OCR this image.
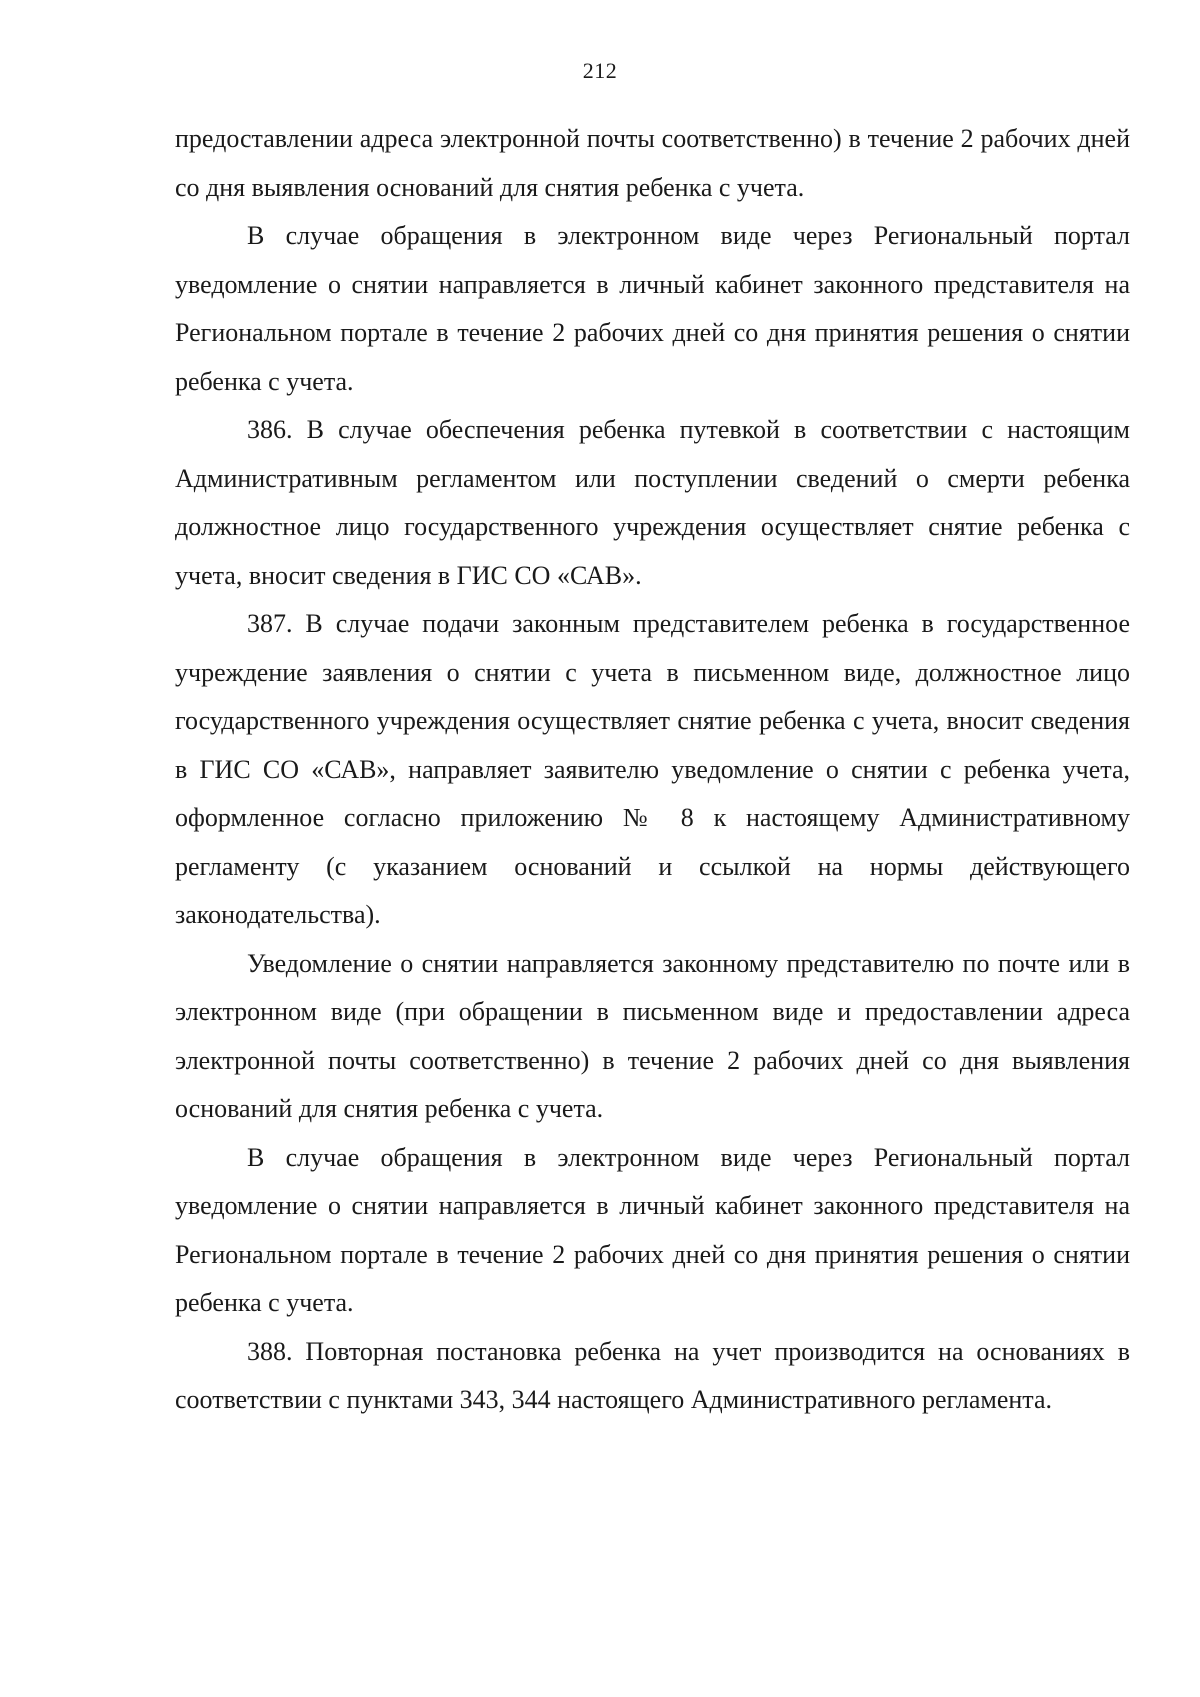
212

предоставлении адреса электронной почты соответственно) в течение 2 рабочих дней со дня выявления оснований для снятия ребенка с учета.

В случае обращения в электронном виде через Региональный портал уведомление о снятии направляется в личный кабинет законного представителя на Региональном портале в течение 2 рабочих дней со дня принятия решения о снятии ребенка с учета.

386. В случае обеспечения ребенка путевкой в соответствии с настоящим Административным регламентом или поступлении сведений о смерти ребенка должностное лицо государственного учреждения осуществляет снятие ребенка с учета, вносит сведения в ГИС СО «САВ».

387. В случае подачи законным представителем ребенка в государственное учреждение заявления о снятии с учета в письменном виде, должностное лицо государственного учреждения осуществляет снятие ребенка с учета, вносит сведения в ГИС СО «САВ», направляет заявителю уведомление о снятии с ребенка учета, оформленное согласно приложению № 8 к настоящему Административному регламенту (с указанием оснований и ссылкой на нормы действующего законодательства).

Уведомление о снятии направляется законному представителю по почте или в электронном виде (при обращении в письменном виде и предоставлении адреса электронной почты соответственно) в течение 2 рабочих дней со дня выявления оснований для снятия ребенка с учета.

В случае обращения в электронном виде через Региональный портал уведомление о снятии направляется в личный кабинет законного представителя на Региональном портале в течение 2 рабочих дней со дня принятия решения о снятии ребенка с учета.

388. Повторная постановка ребенка на учет производится на основаниях в соответствии с пунктами 343, 344 настоящего Административного регламента.
